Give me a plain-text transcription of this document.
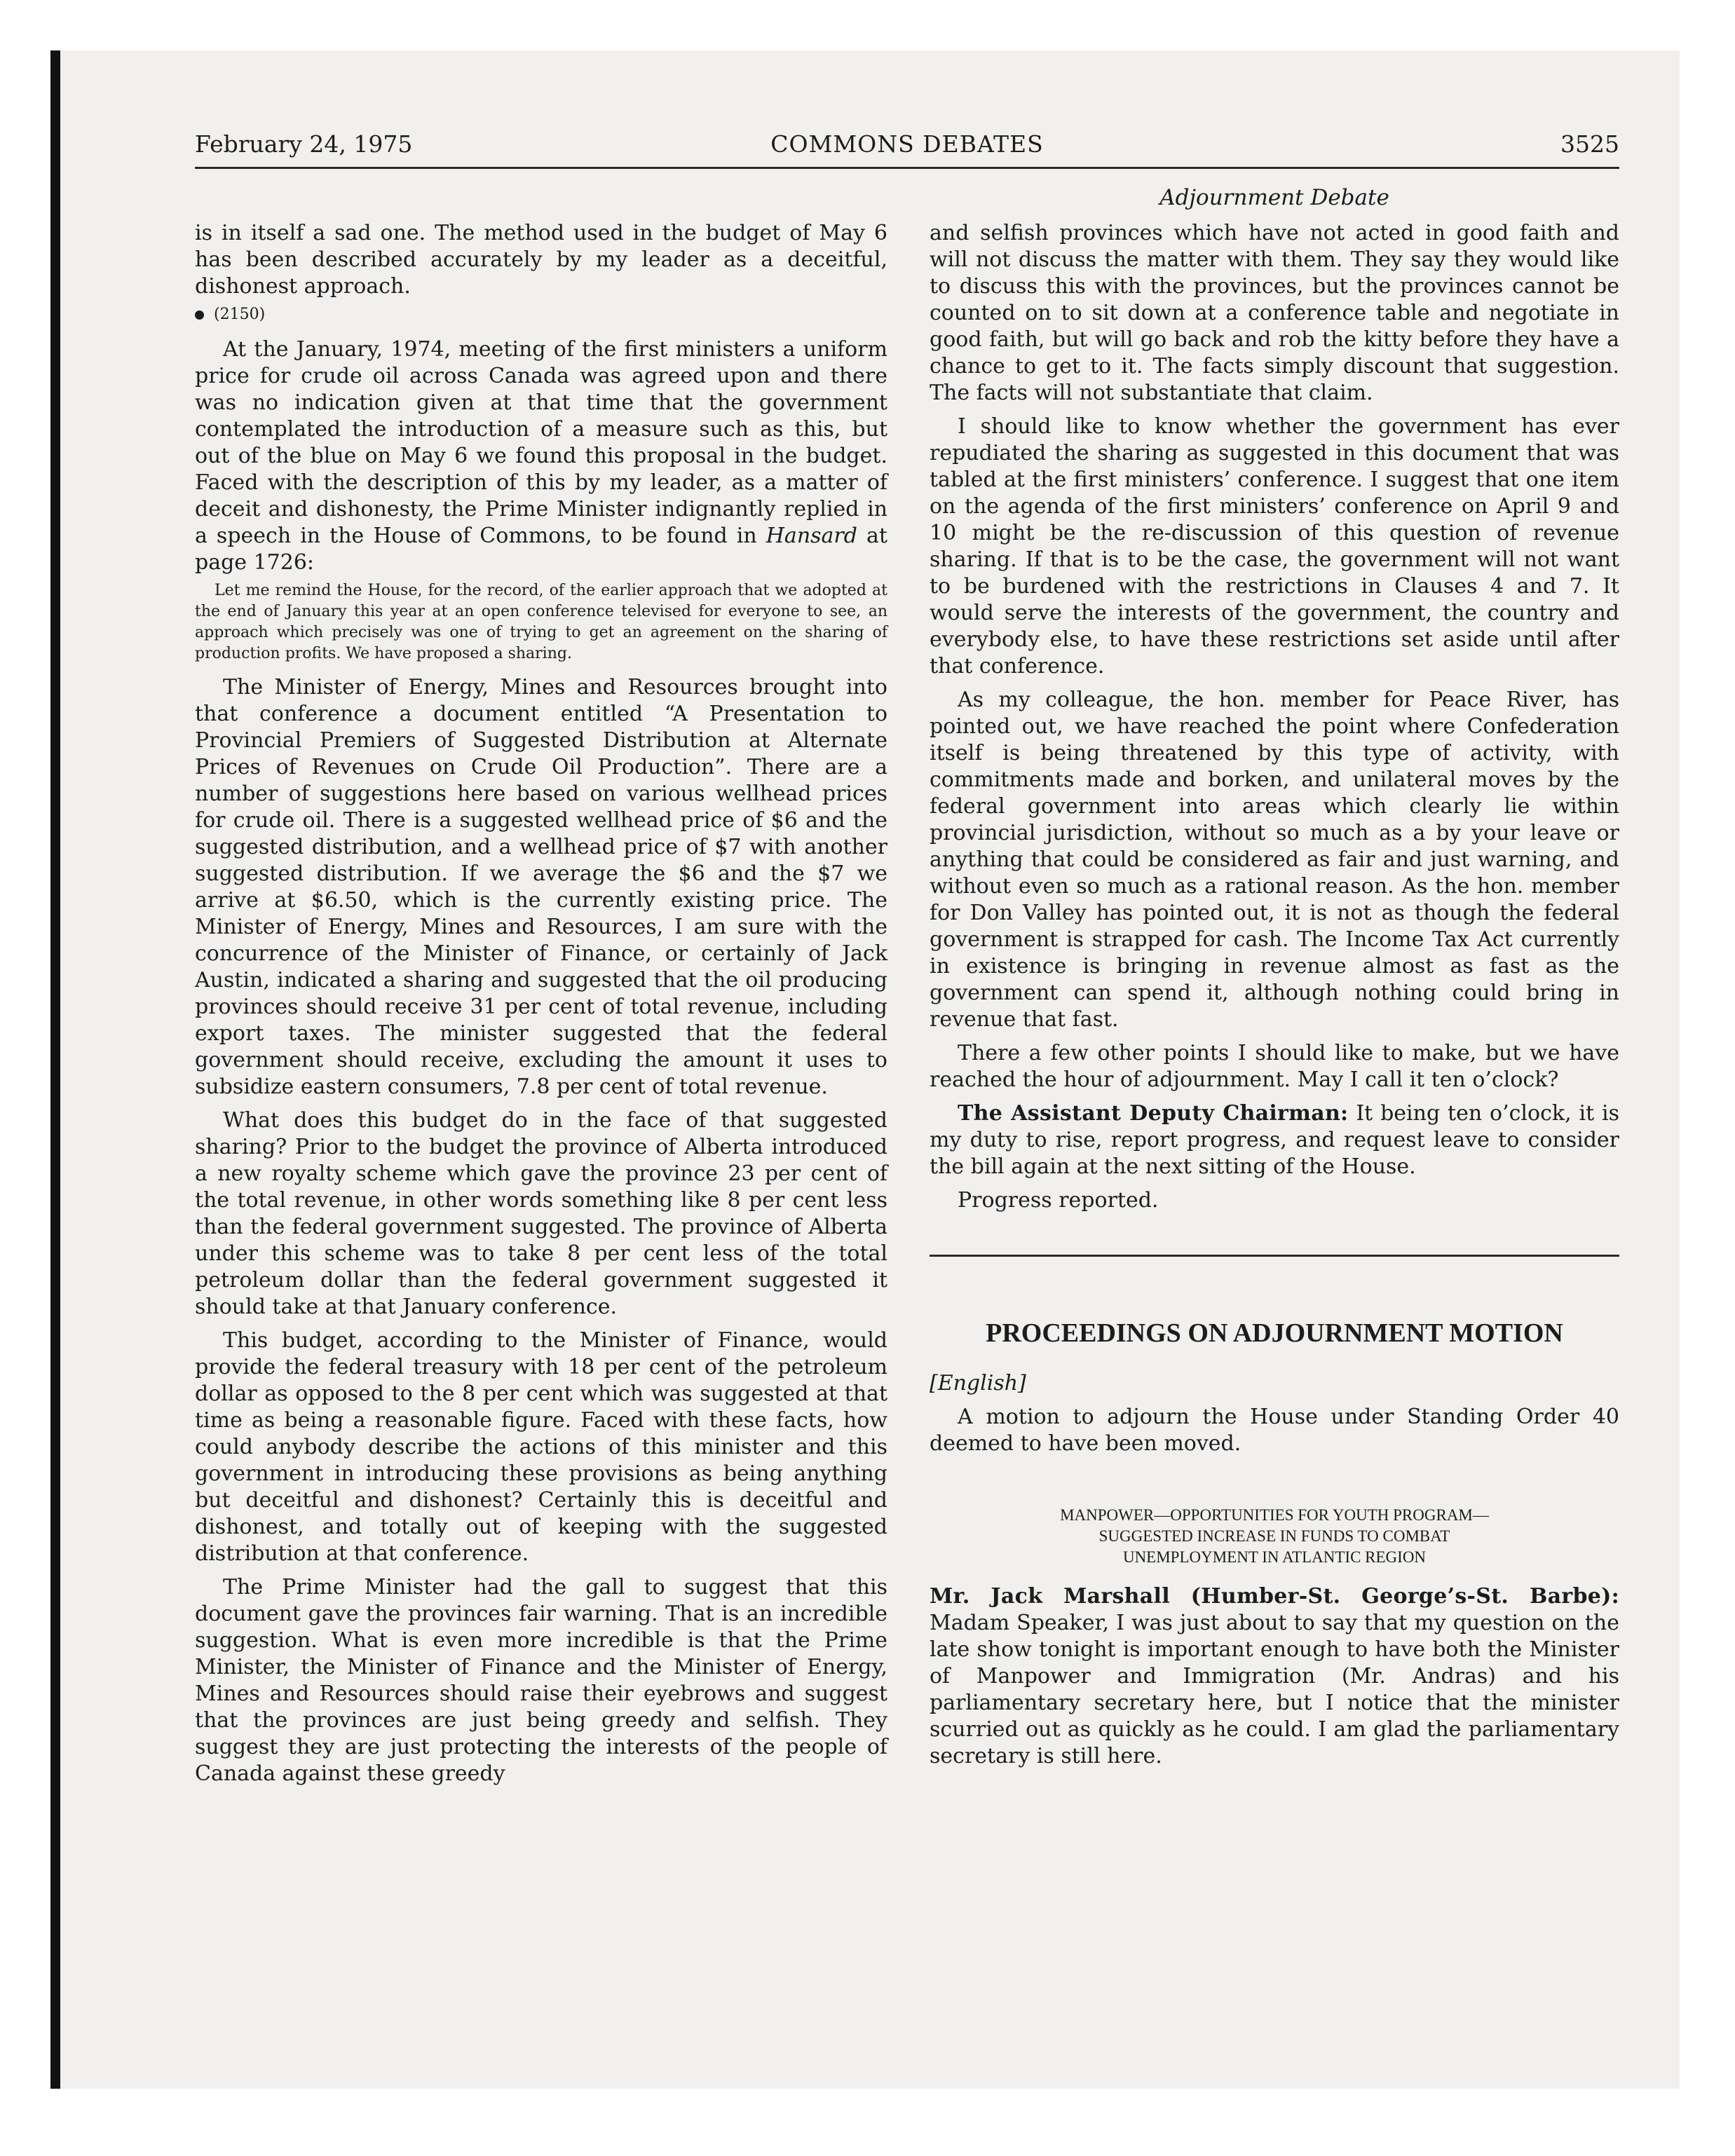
February 24, 1975	COMMONS DEBATES	3525
Adjournment Debate

is in itself a sad one. The method used in the budget of May 6 has been described accurately by my leader as a deceitful, dishonest approach.

(2150)

At the January, 1974, meeting of the first ministers a uniform price for crude oil across Canada was agreed upon and there was no indication given at that time that the government contemplated the introduction of a measure such as this, but out of the blue on May 6 we found this proposal in the budget. Faced with the description of this by my leader, as a matter of deceit and dishonesty, the Prime Minister indignantly replied in a speech in the House of Commons, to be found in Hansard at page 1726:

Let me remind the House, for the record, of the earlier approach that we adopted at the end of January this year at an open conference televised for everyone to see, an approach which precisely was one of trying to get an agreement on the sharing of production profits. We have proposed a sharing.

The Minister of Energy, Mines and Resources brought into that conference a document entitled “A Presentation to Provincial Premiers of Suggested Distribution at Alternate Prices of Revenues on Crude Oil Production”. There are a number of suggestions here based on various wellhead prices for crude oil. There is a suggested wellhead price of $6 and the suggested distribution, and a wellhead price of $7 with another suggested distribution. If we average the $6 and the $7 we arrive at $6.50, which is the currently existing price. The Minister of Energy, Mines and Resources, I am sure with the concurrence of the Minister of Finance, or certainly of Jack Austin, indicated a sharing and suggested that the oil producing provinces should receive 31 per cent of total revenue, including export taxes. The minister suggested that the federal government should receive, excluding the amount it uses to subsidize eastern consumers, 7.8 per cent of total revenue.

What does this budget do in the face of that suggested sharing? Prior to the budget the province of Alberta introduced a new royalty scheme which gave the province 23 per cent of the total revenue, in other words something like 8 per cent less than the federal government suggested. The province of Alberta under this scheme was to take 8 per cent less of the total petroleum dollar than the federal government suggested it should take at that January conference.

This budget, according to the Minister of Finance, would provide the federal treasury with 18 per cent of the petroleum dollar as opposed to the 8 per cent which was suggested at that time as being a reasonable figure. Faced with these facts, how could anybody describe the actions of this minister and this government in introducing these provisions as being anything but deceitful and dishonest? Certainly this is deceitful and dishonest, and totally out of keeping with the suggested distribution at that conference.

The Prime Minister had the gall to suggest that this document gave the provinces fair warning. That is an incredible suggestion. What is even more incredible is that the Prime Minister, the Minister of Finance and the Minister of Energy, Mines and Resources should raise their eyebrows and suggest that the provinces are just being greedy and selfish. They suggest they are just protecting the interests of the people of Canada against these greedy

and selfish provinces which have not acted in good faith and will not discuss the matter with them. They say they would like to discuss this with the provinces, but the provinces cannot be counted on to sit down at a conference table and negotiate in good faith, but will go back and rob the kitty before they have a chance to get to it. The facts simply discount that suggestion. The facts will not substantiate that claim.

I should like to know whether the government has ever repudiated the sharing as suggested in this document that was tabled at the first ministers’ conference. I suggest that one item on the agenda of the first ministers’ conference on April 9 and 10 might be the re-discussion of this question of revenue sharing. If that is to be the case, the government will not want to be burdened with the restrictions in Clauses 4 and 7. It would serve the interests of the government, the country and everybody else, to have these restrictions set aside until after that conference.

As my colleague, the hon. member for Peace River, has pointed out, we have reached the point where Confederation itself is being threatened by this type of activity, with commitments made and borken, and unilateral moves by the federal government into areas which clearly lie within provincial jurisdiction, without so much as a by your leave or anything that could be considered as fair and just warning, and without even so much as a rational reason. As the hon. member for Don Valley has pointed out, it is not as though the federal government is strapped for cash. The Income Tax Act currently in existence is bringing in revenue almost as fast as the government can spend it, although nothing could bring in revenue that fast.

There a few other points I should like to make, but we have reached the hour of adjournment. May I call it ten o’clock?

The Assistant Deputy Chairman: It being ten o’clock, it is my duty to rise, report progress, and request leave to consider the bill again at the next sitting of the House.

Progress reported.

PROCEEDINGS ON ADJOURNMENT MOTION

[English]

A motion to adjourn the House under Standing Order 40 deemed to have been moved.

MANPOWER—OPPORTUNITIES FOR YOUTH PROGRAM—
SUGGESTED INCREASE IN FUNDS TO COMBAT
UNEMPLOYMENT IN ATLANTIC REGION

Mr. Jack Marshall (Humber-St. George’s-St. Barbe): Madam Speaker, I was just about to say that my question on the late show tonight is important enough to have both the Minister of Manpower and Immigration (Mr. Andras) and his parliamentary secretary here, but I notice that the minister scurried out as quickly as he could. I am glad the parliamentary secretary is still here.
